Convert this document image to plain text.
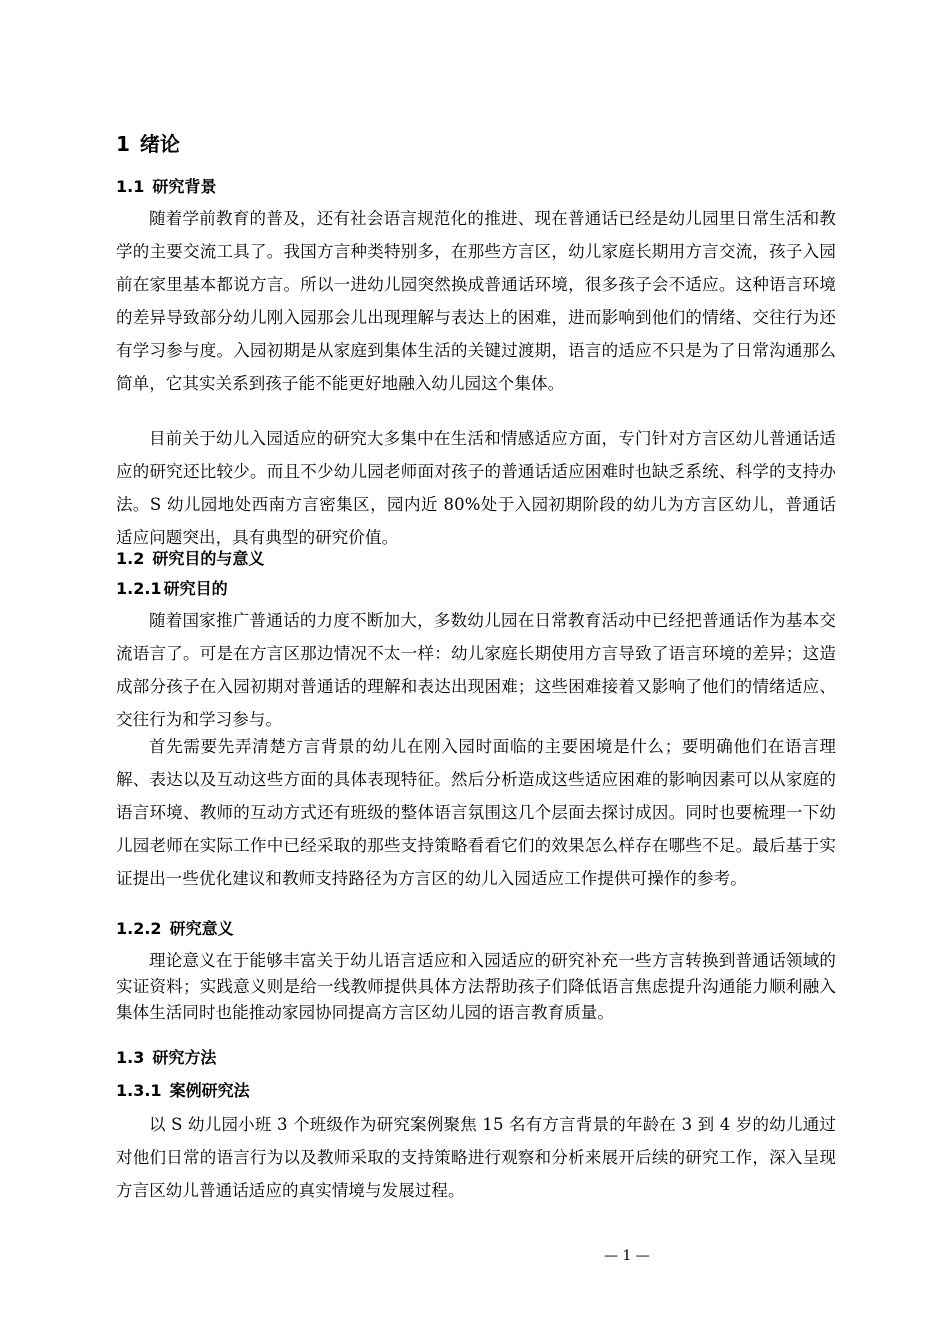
1 绪论
1.1 研究背景
随着学前教育的普及，还有社会语言规范化的推进、现在普通话已经是幼儿园里日常生活和教学的主要交流工具了。我国方言种类特别多，在那些方言区，幼儿家庭长期用方言交流，孩子入园前在家里基本都说方言。所以一进幼儿园突然换成普通话环境，很多孩子会不适应。这种语言环境的差异导致部分幼儿刚入园那会儿出现理解与表达上的困难，进而影响到他们的情绪、交往行为还有学习参与度。入园初期是从家庭到集体生活的关键过渡期，语言的适应不只是为了日常沟通那么简单，它其实关系到孩子能不能更好地融入幼儿园这个集体。
目前关于幼儿入园适应的研究大多集中在生活和情感适应方面，专门针对方言区幼儿普通话适应的研究还比较少。而且不少幼儿园老师面对孩子的普通话适应困难时也缺乏系统、科学的支持办法。S 幼儿园地处西南方言密集区，园内近 80%处于入园初期阶段的幼儿为方言区幼儿，普通话适应问题突出，具有典型的研究价值。
1.2 研究目的与意义
1.2.1 研究目的
随着国家推广普通话的力度不断加大，多数幼儿园在日常教育活动中已经把普通话作为基本交流语言了。可是在方言区那边情况不太一样：幼儿家庭长期使用方言导致了语言环境的差异；这造成部分孩子在入园初期对普通话的理解和表达出现困难；这些困难接着又影响了他们的情绪适应、交往行为和学习参与。
首先需要先弄清楚方言背景的幼儿在刚入园时面临的主要困境是什么；要明确他们在语言理解、表达以及互动这些方面的具体表现特征。然后分析造成这些适应困难的影响因素可以从家庭的语言环境、教师的互动方式还有班级的整体语言氛围这几个层面去探讨成因。同时也要梳理一下幼儿园老师在实际工作中已经采取的那些支持策略看看它们的效果怎么样存在哪些不足。最后基于实证提出一些优化建议和教师支持路径为方言区的幼儿入园适应工作提供可操作的参考。
1.2.2 研究意义
理论意义在于能够丰富关于幼儿语言适应和入园适应的研究补充一些方言转换到普通话领域的实证资料；实践意义则是给一线教师提供具体方法帮助孩子们降低语言焦虑提升沟通能力顺利融入集体生活同时也能推动家园协同提高方言区幼儿园的语言教育质量。
1.3 研究方法
1.3.1 案例研究法
以 S 幼儿园小班 3 个班级作为研究案例聚焦 15 名有方言背景的年龄在 3 到 4 岁的幼儿通过对他们日常的语言行为以及教师采取的支持策略进行观察和分析来展开后续的研究工作，深入呈现方言区幼儿普通话适应的真实情境与发展过程。
— 1 —
